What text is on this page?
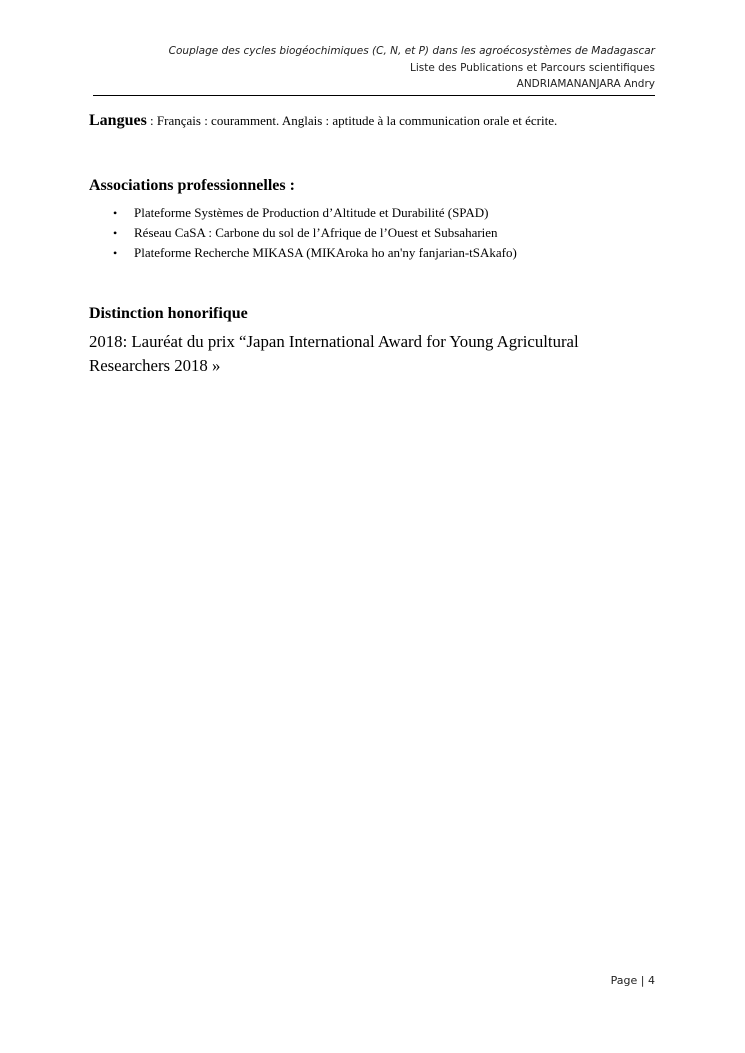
Couplage des cycles biogéochimiques (C, N, et P) dans les agroécosystèmes de Madagascar
Liste des Publications et Parcours scientifiques
ANDRIAMANANJARA Andry

Langues : Français : couramment. Anglais : aptitude à la communication orale et écrite.

Associations professionnelles :
• Plateforme Systèmes de Production d’Altitude et Durabilité (SPAD)
• Réseau CaSA : Carbone du sol de l’Afrique de l’Ouest et Subsaharien
• Plateforme Recherche MIKASA (MIKAroka ho an'ny fanjarian-tSAkafo)
Distinction honorifique

2018: Lauréat du prix “Japan International Award for Young Agricultural Researchers 2018 »

Page | 4
